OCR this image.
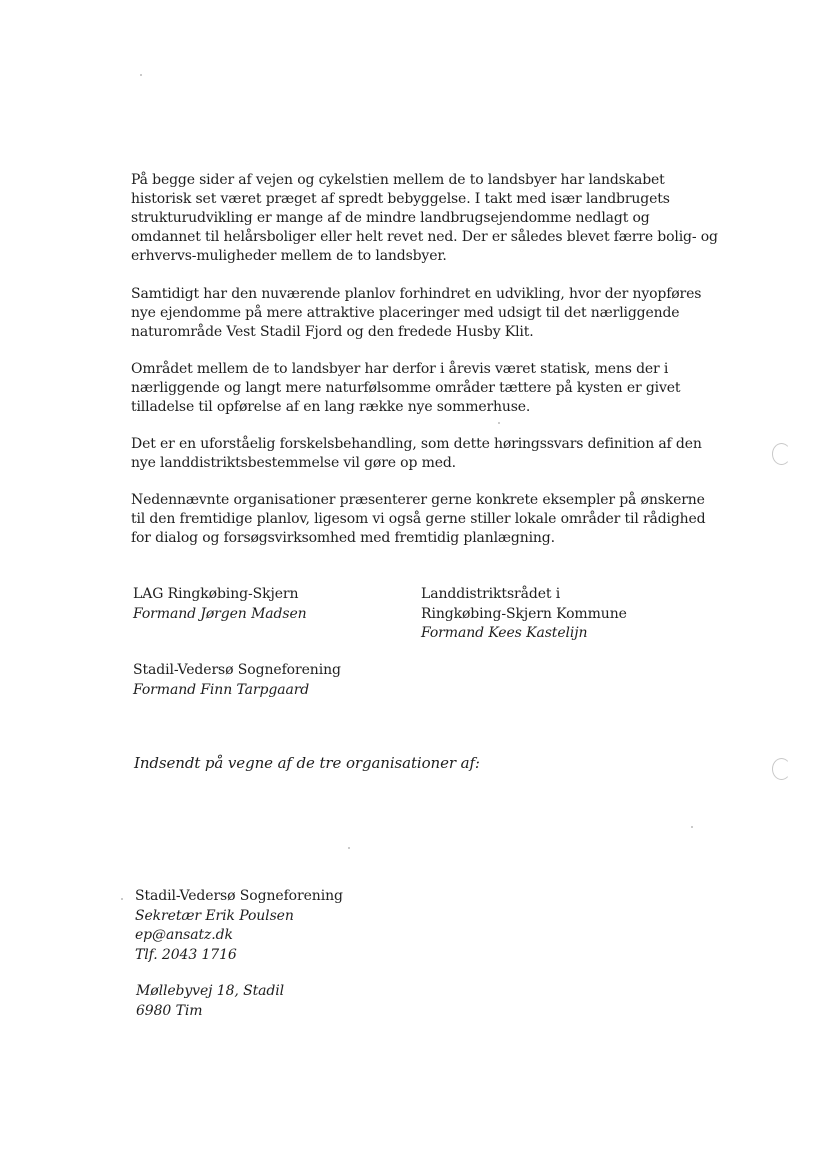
På begge sider af vejen og cykelstien mellem de to landsbyer har landskabet
historisk set været præget af spredt bebyggelse. I takt med især landbrugets
strukturudvikling er mange af de mindre landbrugsejendomme nedlagt og
omdannet til helårsboliger eller helt revet ned. Der er således blevet færre bolig- og
erhvervs-muligheder mellem de to landsbyer.

Samtidigt har den nuværende planlov forhindret en udvikling, hvor der nyopføres
nye ejendomme på mere attraktive placeringer med udsigt til det nærliggende
naturområde Vest Stadil Fjord og den fredede Husby Klit.

Området mellem de to landsbyer har derfor i årevis været statisk, mens der i
nærliggende og langt mere naturfølsomme områder tættere på kysten er givet
tilladelse til opførelse af en lang række nye sommerhuse.

Det er en uforståelig forskelsbehandling, som dette høringssvars definition af den
nye landdistriktsbestemmelse vil gøre op med.

Nedennævnte organisationer præsenterer gerne konkrete eksempler på ønskerne
til den fremtidige planlov, ligesom vi også gerne stiller lokale områder til rådighed
for dialog og forsøgsvirksomhed med fremtidig planlægning.

LAG Ringkøbing-Skjern
Formand Jørgen Madsen
Landdistriktsrådet i
Ringkøbing-Skjern Kommune
Formand Kees Kastelijn
Stadil-Vedersø Sogneforening
Formand Finn Tarpgaard
Indsendt på vegne af de tre organisationer af:
Stadil-Vedersø Sogneforening
Sekretær Erik Poulsen
ep@ansatz.dk
Tlf. 2043 1716
Møllebyvej 18, Stadil
6980 Tim
